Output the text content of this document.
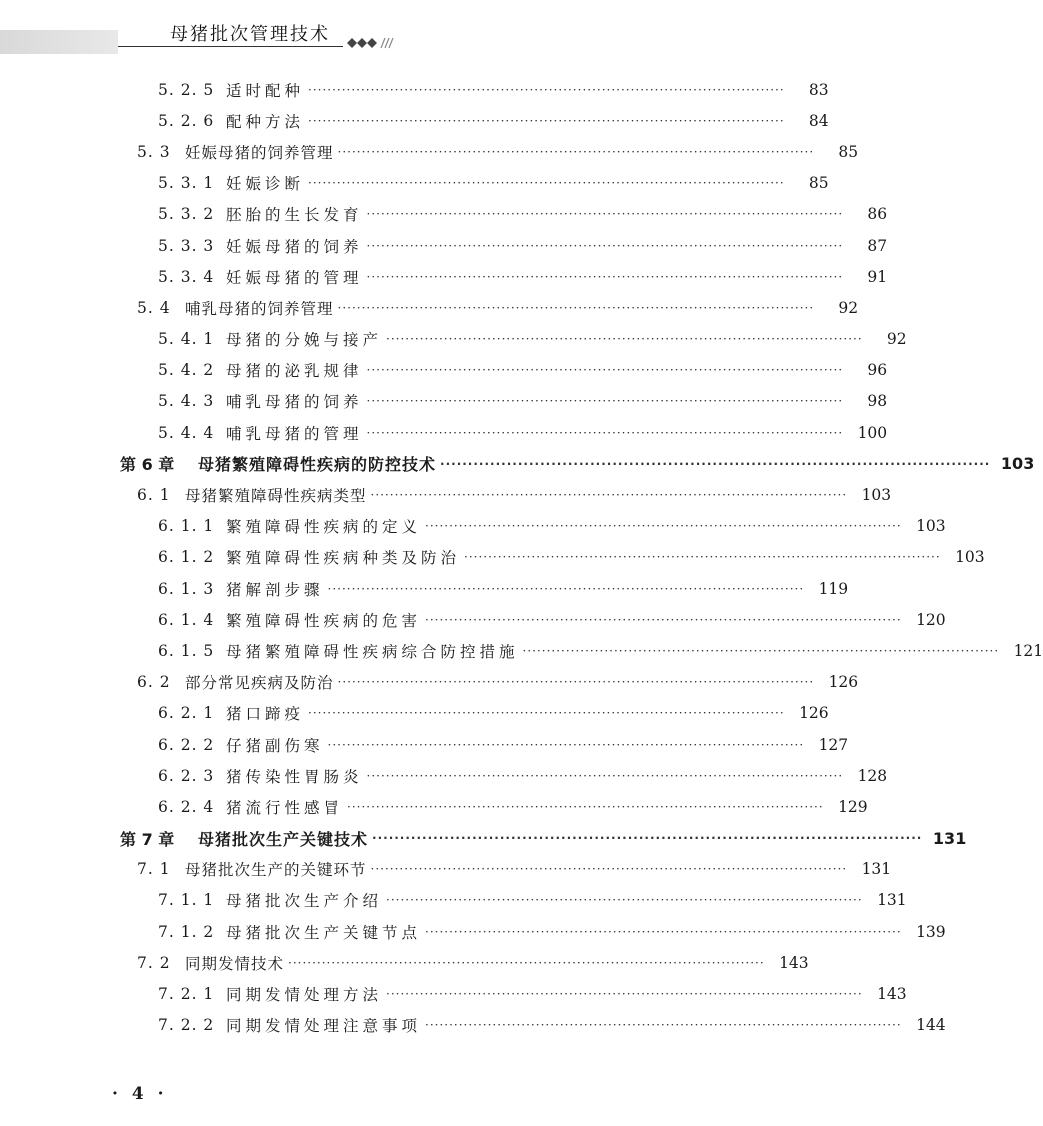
母猪批次管理技术
5. 2. 5 适时配种 ···································································································	83
5. 2. 6 配种方法 ···································································································	84
5. 3 妊娠母猪的饲养管理 ···································································································	85
5. 3. 1 妊娠诊断 ···································································································	85
5. 3. 2 胚胎的生长发育 ···································································································	86
5. 3. 3 妊娠母猪的饲养 ···································································································	87
5. 3. 4 妊娠母猪的管理 ···································································································	91
5. 4 哺乳母猪的饲养管理 ···································································································	92
5. 4. 1 母猪的分娩与接产 ···································································································	92
5. 4. 2 母猪的泌乳规律 ···································································································	96
5. 4. 3 哺乳母猪的饲养 ···································································································	98
5. 4. 4 哺乳母猪的管理 ··································································································· 100
第 6 章	母猪繁殖障碍性疾病的防控技术 ··································································································· 103
6. 1 母猪繁殖障碍性疾病类型 ··································································································· 103
6. 1. 1 繁殖障碍性疾病的定义 ··································································································· 103
6. 1. 2 繁殖障碍性疾病种类及防治 ··································································································· 103
6. 1. 3 猪解剖步骤 ··································································································· 119
6. 1. 4 繁殖障碍性疾病的危害 ··································································································· 120
6. 1. 5 母猪繁殖障碍性疾病综合防控措施 ··································································································· 121
6. 2 部分常见疾病及防治 ··································································································· 126
6. 2. 1 猪口蹄疫 ··································································································· 126
6. 2. 2 仔猪副伤寒 ··································································································· 127
6. 2. 3 猪传染性胃肠炎 ··································································································· 128
6. 2. 4 猪流行性感冒 ··································································································· 129
第 7 章	母猪批次生产关键技术 ··································································································· 131
7. 1 母猪批次生产的关键环节 ··································································································· 131
7. 1. 1 母猪批次生产介绍 ··································································································· 131
7. 1. 2 母猪批次生产关键节点 ··································································································· 139
7. 2 同期发情技术 ··································································································· 143
7. 2. 1 同期发情处理方法 ··································································································· 143
7. 2. 2 同期发情处理注意事项 ··································································································· 144
· 4 ·
